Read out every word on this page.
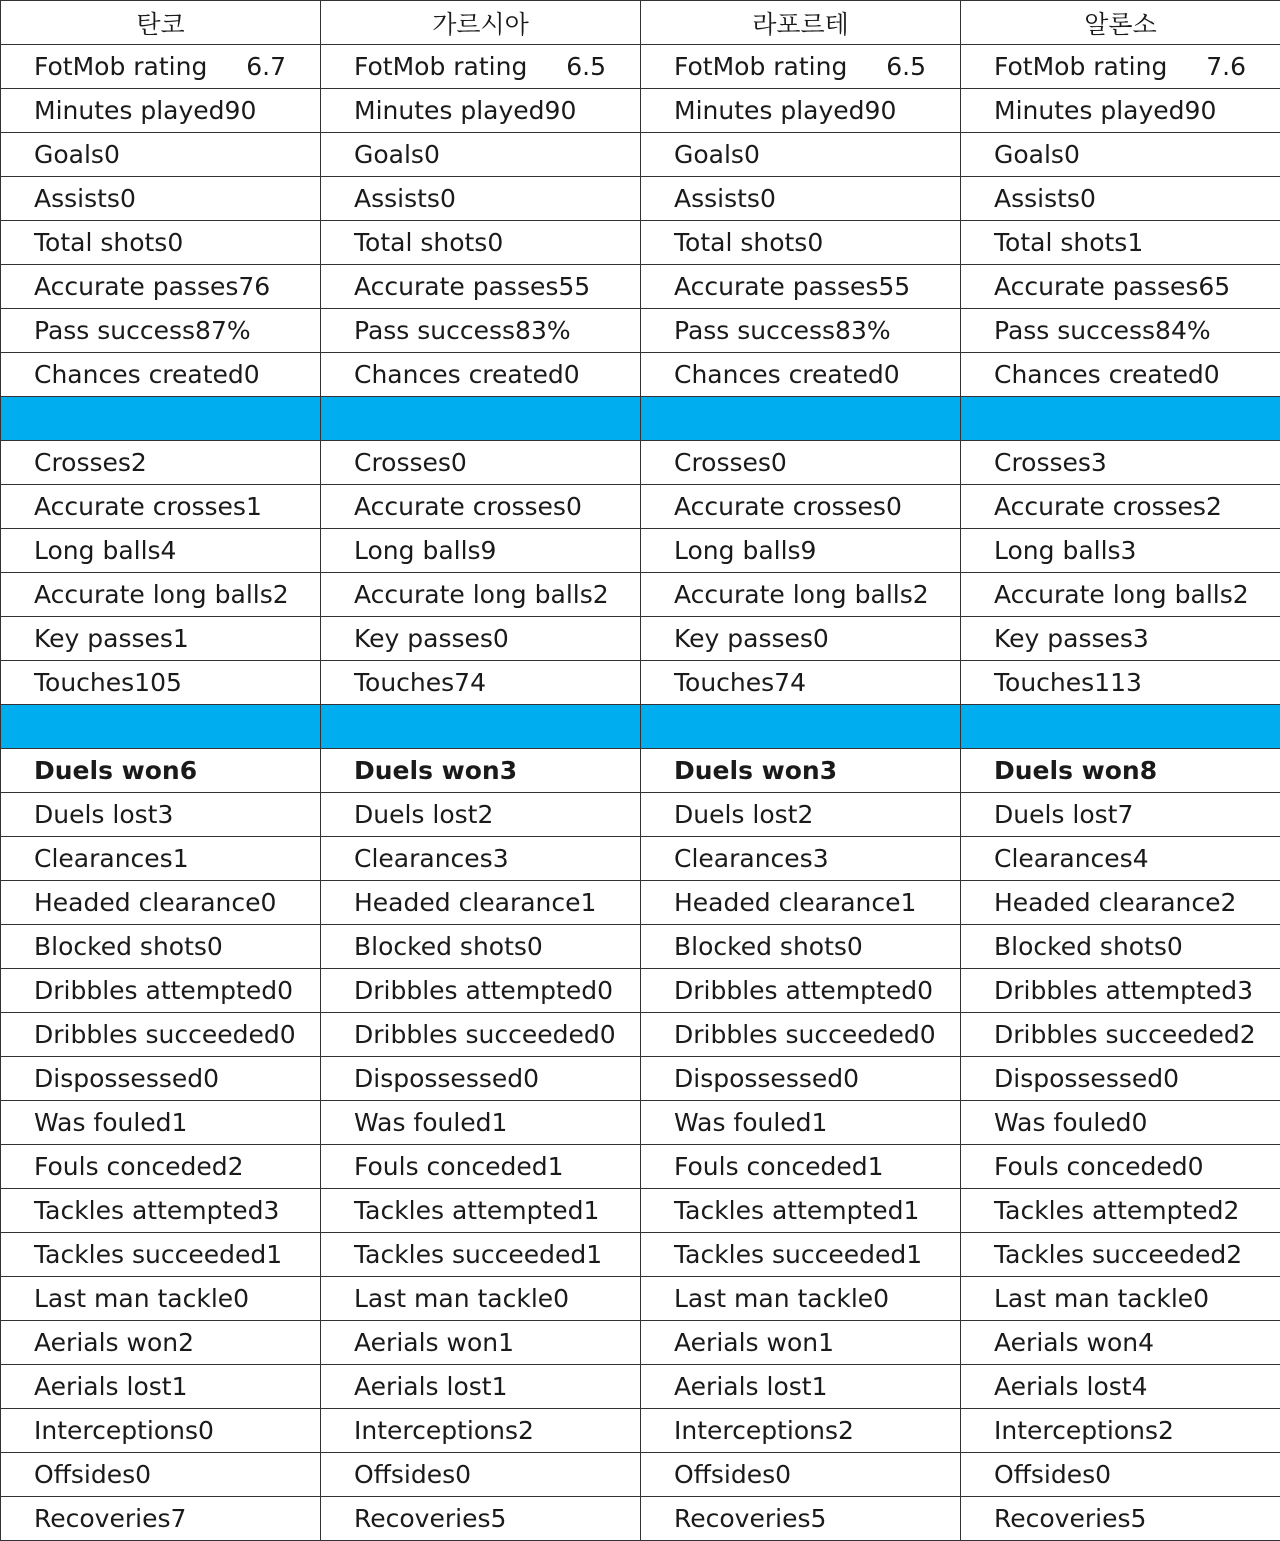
탄코	가르시아	라포르테	알론소

FotMob rating 6.7	FotMob rating 6.5	FotMob rating 6.5	FotMob rating 7.6

Minutes played90	Minutes played90	Minutes played90	Minutes played90

Goals0	Goals0	Goals0	Goals0

Assists0	Assists0	Assists0	Assists0

Total shots0	Total shots0	Total shots0	Total shots1

Accurate passes76	Accurate passes55	Accurate passes55	Accurate passes65

Pass success87%	Pass success83%	Pass success83%	Pass success84%

Chances created0	Chances created0	Chances created0	Chances created0

Crosses2	Crosses0	Crosses0	Crosses3

Accurate crosses1	Accurate crosses0	Accurate crosses0	Accurate crosses2

Long balls4	Long balls9	Long balls9	Long balls3

Accurate long balls2	Accurate long balls2	Accurate long balls2	Accurate long balls2

Key passes1	Key passes0	Key passes0	Key passes3

Touches105	Touches74	Touches74	Touches113

Duels won6	Duels won3	Duels won3	Duels won8

Duels lost3	Duels lost2	Duels lost2	Duels lost7

Clearances1	Clearances3	Clearances3	Clearances4

Headed clearance0	Headed clearance1	Headed clearance1	Headed clearance2

Blocked shots0	Blocked shots0	Blocked shots0	Blocked shots0

Dribbles attempted0	Dribbles attempted0	Dribbles attempted0	Dribbles attempted3

Dribbles succeeded0	Dribbles succeeded0	Dribbles succeeded0	Dribbles succeeded2

Dispossessed0	Dispossessed0	Dispossessed0	Dispossessed0

Was fouled1	Was fouled1	Was fouled1	Was fouled0

Fouls conceded2	Fouls conceded1	Fouls conceded1	Fouls conceded0

Tackles attempted3	Tackles attempted1	Tackles attempted1	Tackles attempted2

Tackles succeeded1	Tackles succeeded1	Tackles succeeded1	Tackles succeeded2

Last man tackle0	Last man tackle0	Last man tackle0	Last man tackle0

Aerials won2	Aerials won1	Aerials won1	Aerials won4

Aerials lost1	Aerials lost1	Aerials lost1	Aerials lost4

Interceptions0	Interceptions2	Interceptions2	Interceptions2

Offsides0	Offsides0	Offsides0	Offsides0

Recoveries7	Recoveries5	Recoveries5	Recoveries5
